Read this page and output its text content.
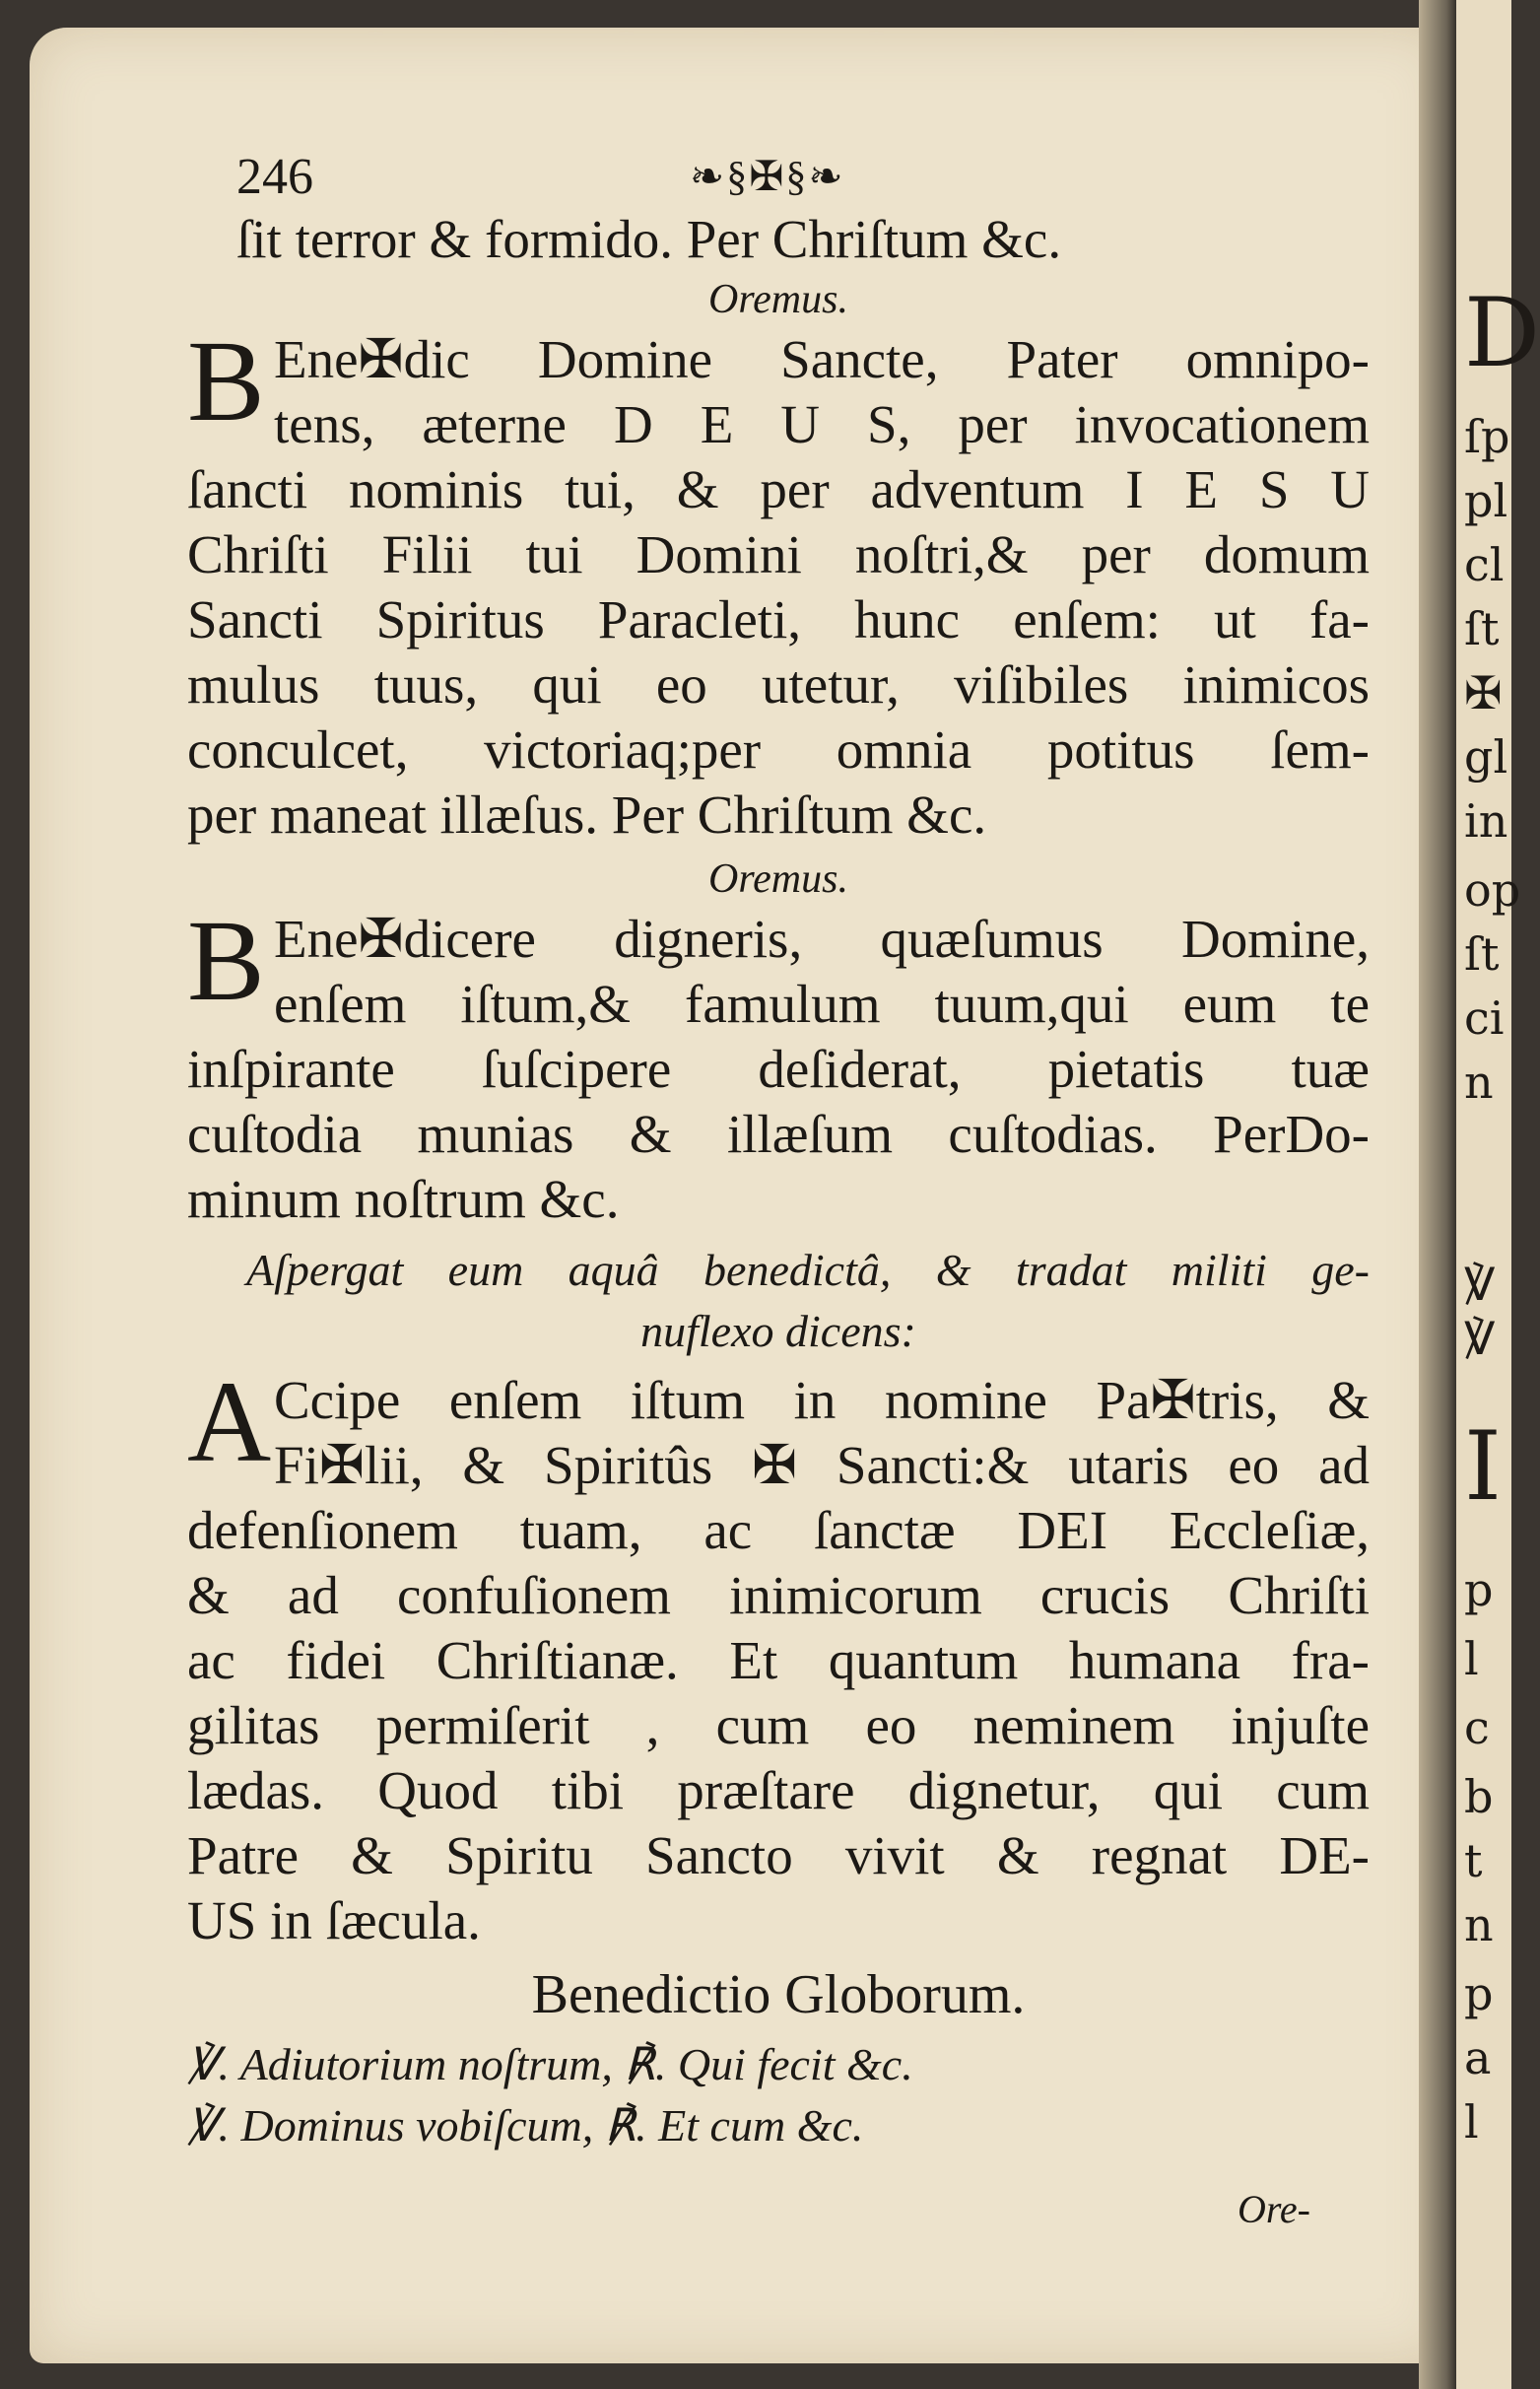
D
ſp
pl
cl
ſt
✠
gl
in
op
ſt
ci
n
℣
℣
I
p
l
c
b
t
n
p
a
l
246	❧§✠§❧
ſit terror & formido. Per Chriſtum &c.
Oremus.
B Ene✠dic Domine Sancte, Pater omnipo-
tens, æterne D E U S, per invocationem
ſancti nominis tui, & per adventum I E S U
Chriſti Filii tui Domini noſtri,& per domum
Sancti Spiritus Paracleti, hunc enſem: ut fa-
mulus tuus, qui eo utetur, viſibiles inimicos
conculcet, victoriaq;per omnia potitus ſem-
per maneat illæſus. Per Chriſtum &c.
Oremus.
B Ene✠dicere digneris, quæſumus Domine,
enſem iſtum,& famulum tuum,qui eum te
inſpirante ſuſcipere deſiderat, pietatis tuæ
cuſtodia munias & illæſum cuſtodias. PerDo-
minum noſtrum &c.
Aſpergat eum aquâ benedictâ, & tradat militi ge-
nuflexo dicens:
A Ccipe enſem iſtum in nomine Pa✠tris, &
Fi✠lii, & Spiritûs ✠ Sancti:& utaris eo ad
defenſionem tuam, ac ſanctæ DEI Eccleſiæ,
& ad confuſionem inimicorum crucis Chriſti
ac fidei Chriſtianæ. Et quantum humana fra-
gilitas permiſerit , cum eo neminem injuſte
lædas. Quod tibi præſtare dignetur, qui cum
Patre & Spiritu Sancto vivit & regnat DE-
US in ſæcula.
Benedictio Globorum.
℣. Adiutorium noſtrum, ℟. Qui fecit &c.
℣. Dominus vobiſcum, ℟. Et cum &c.
Ore-
